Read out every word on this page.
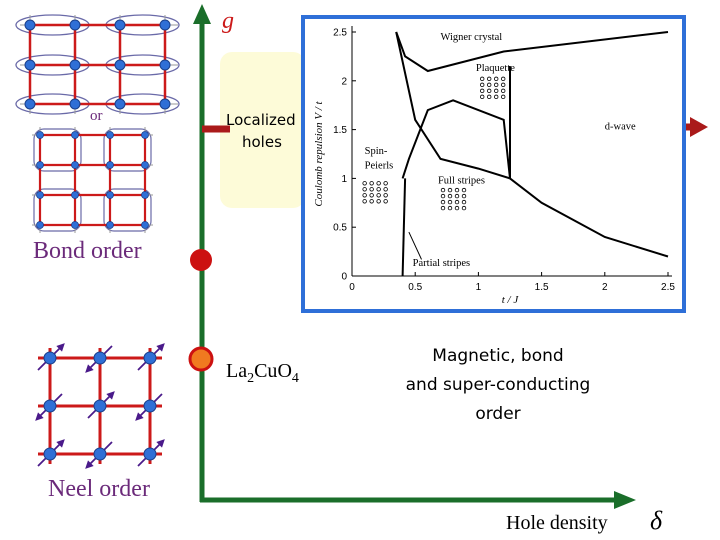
0	0.5	1	1.5	2	2.5
0
0.5
1
1.5
2
2.5
t / J
Coulomb repulsion V / t
Wigner crystal
Plaquette
d-wave
Spin-
Peierls
Full stripes
Partial stripes
g
or
Bond order
Neel order
Localized
holes
$La_2CuO_4$
Magnetic, bond
and super-conducting
order
Hole density δ
